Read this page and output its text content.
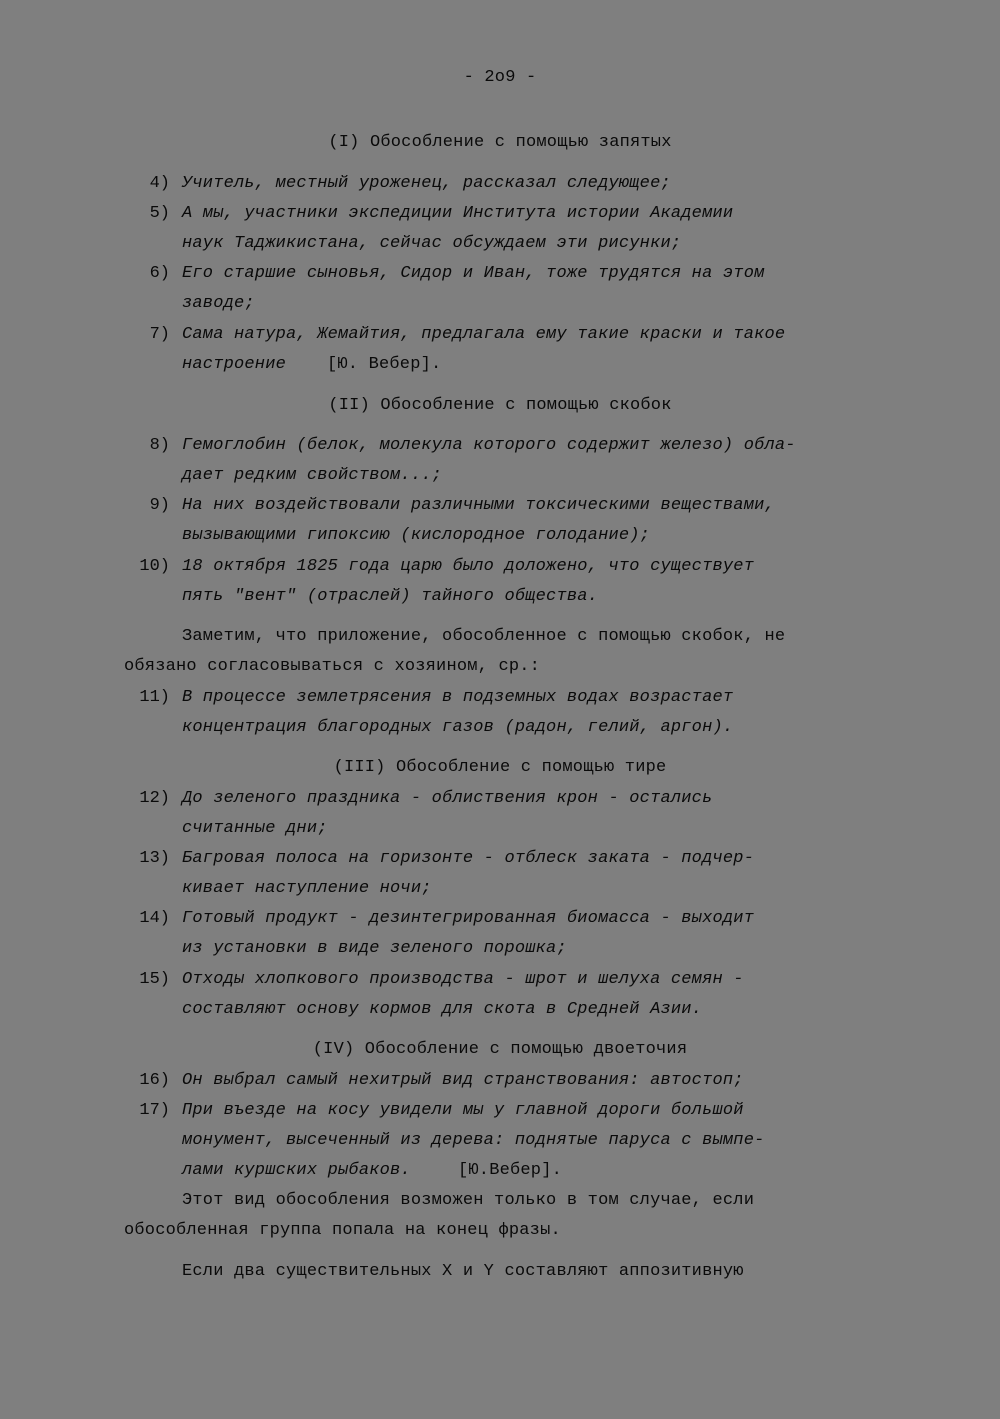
- 2o9 -
(I) Обособление с помощью запятых
4) Учитель, местный уроженец, рассказал следующее;
5) А мы, участники экспедиции Института истории Академии
наук Таджикистана, сейчас обсуждаем эти рисунки;
6) Его старшие сыновья, Сидор и Иван, тоже трудятся на этом
заводе;
7) Сама натура, Жемайтия, предлагала ему такие краски и такое
настроение [Ю. Вебер].
(II) Обособление с помощью скобок
8) Гемоглобин (белок, молекула которого содержит железо) обла-
дает редким свойством...;
9) На них воздействовали различными токсическими веществами,
вызывающими гипоксию (кислородное голодание);
10) 18 октября 1825 года царю было доложено, что существует
пять "вент" (отраслей) тайного общества.
Заметим, что приложение, обособленное с помощью скобок, не
обязано согласовываться с хозяином, ср.:
11) В процессе землетрясения в подземных водах возрастает
концентрация благородных газов (радон, гелий, аргон).
(III) Обособление с помощью тире
12) До зеленого праздника - облиствения крон - остались
считанные дни;
13) Багровая полоса на горизонте - отблеск заката - подчер-
кивает наступление ночи;
14) Готовый продукт - дезинтегрированная биомасса - выходит
из установки в виде зеленого порошка;
15) Отходы хлопкового производства - шрот и шелуха семян -
составляют основу кормов для скота в Средней Азии.
(IV) Обособление с помощью двоеточия
16) Он выбрал самый нехитрый вид странствования: автостоп;
17) При въезде на косу увидели мы у главной дороги большой
монумент, высеченный из дерева: поднятые паруса с вымпе-
лами куршских рыбаков.	[Ю.Вебер].
Этот вид обособления возможен только в том случае, если
обособленная группа попала на конец фразы.
Если два существительных X и Y составляют аппозитивную
